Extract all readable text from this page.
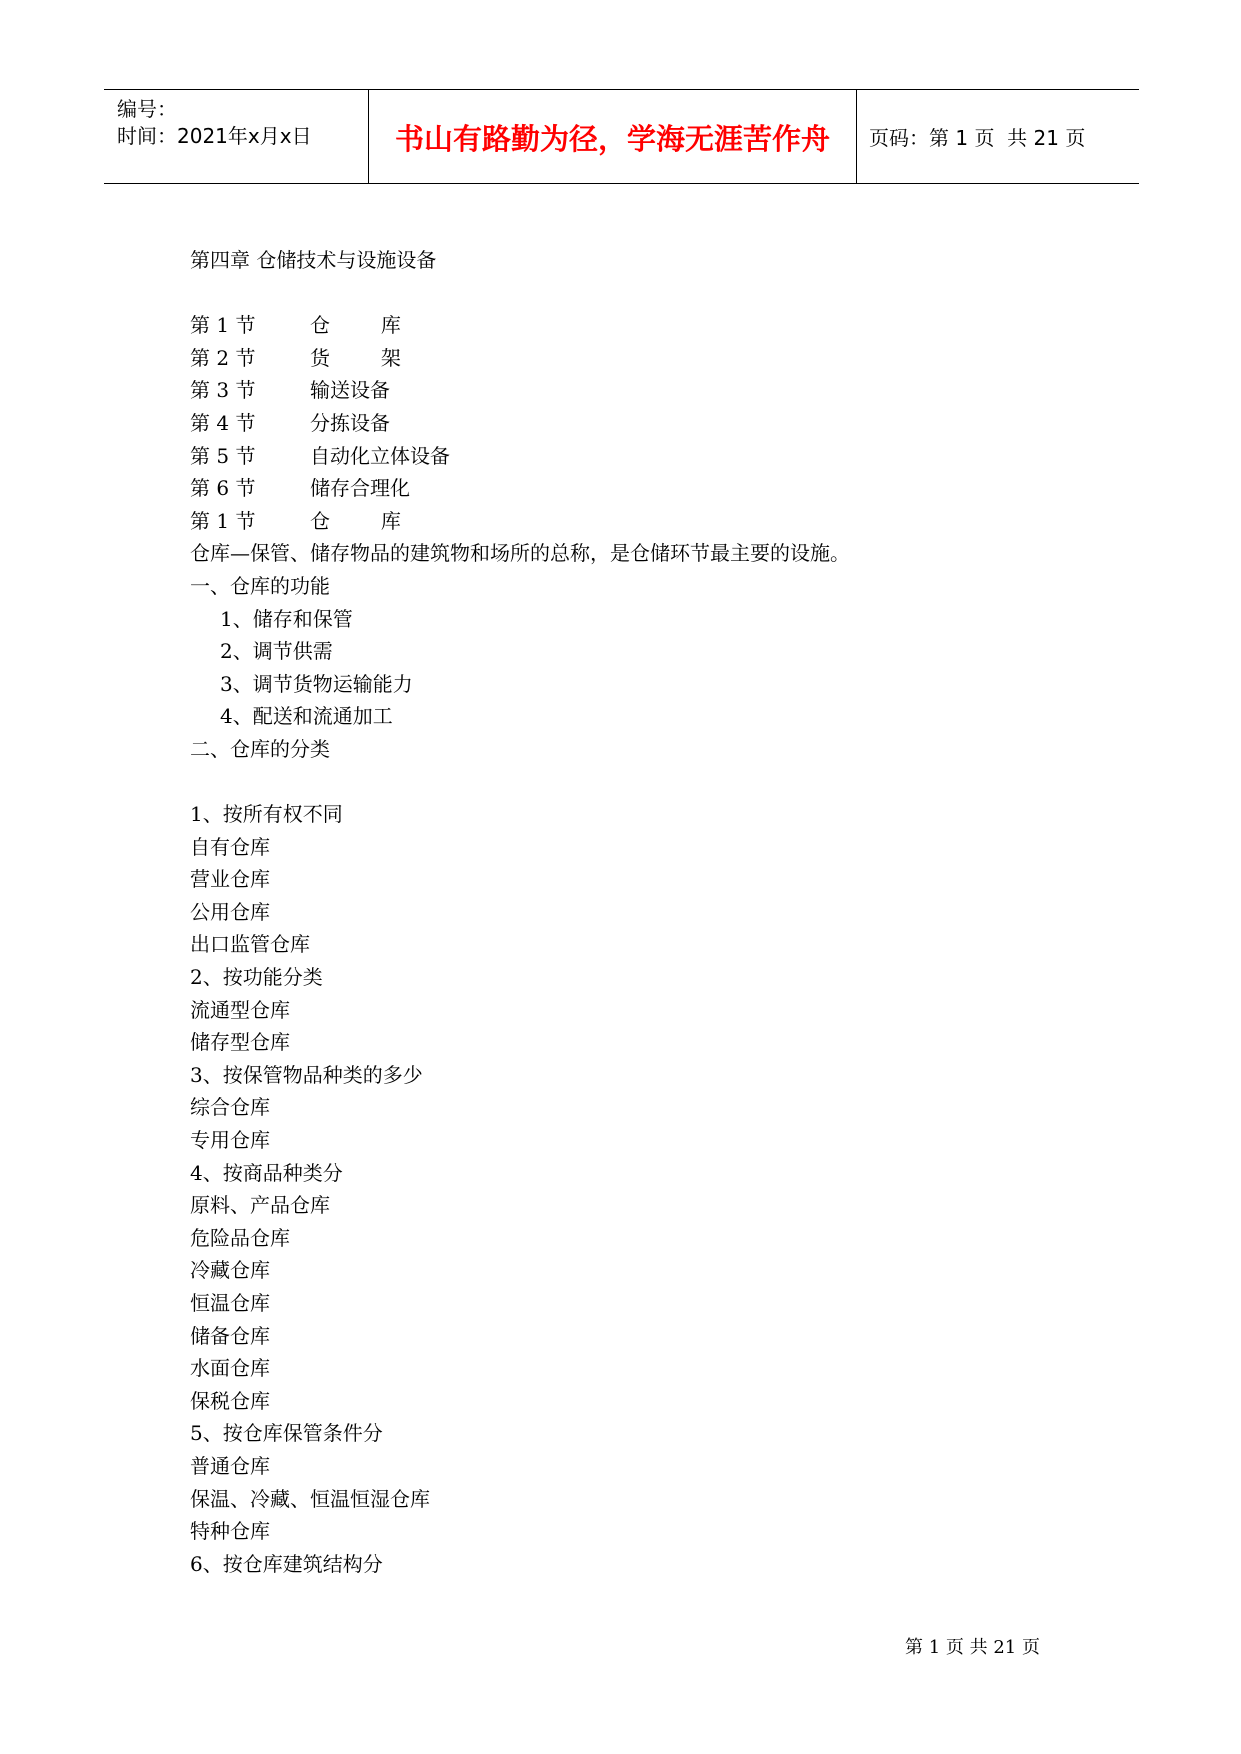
编号：
时间：2021年x月x日	书山有路勤为径，学海无涯苦作舟	页码：第 1 页  共 21 页
第四章 仓储技术与设施设备
第 1 节	仓        库
第 2 节	货        架
第 3 节	输送设备
第 4 节	分拣设备
第 5 节	自动化立体设备
第 6 节	储存合理化
第 1 节	仓        库
仓库—保管、储存物品的建筑物和场所的总称，是仓储环节最主要的设施。
一、仓库的功能
1、储存和保管
2、调节供需
3、调节货物运输能力
4、配送和流通加工
二、仓库的分类
1、按所有权不同
自有仓库
营业仓库
公用仓库
出口监管仓库
2、按功能分类
流通型仓库
储存型仓库
3、按保管物品种类的多少
综合仓库
专用仓库
4、按商品种类分
原料、产品仓库
危险品仓库
冷藏仓库
恒温仓库
储备仓库
水面仓库
保税仓库
5、按仓库保管条件分
普通仓库
保温、冷藏、恒温恒湿仓库
特种仓库
6、按仓库建筑结构分
第 1 页 共 21 页
